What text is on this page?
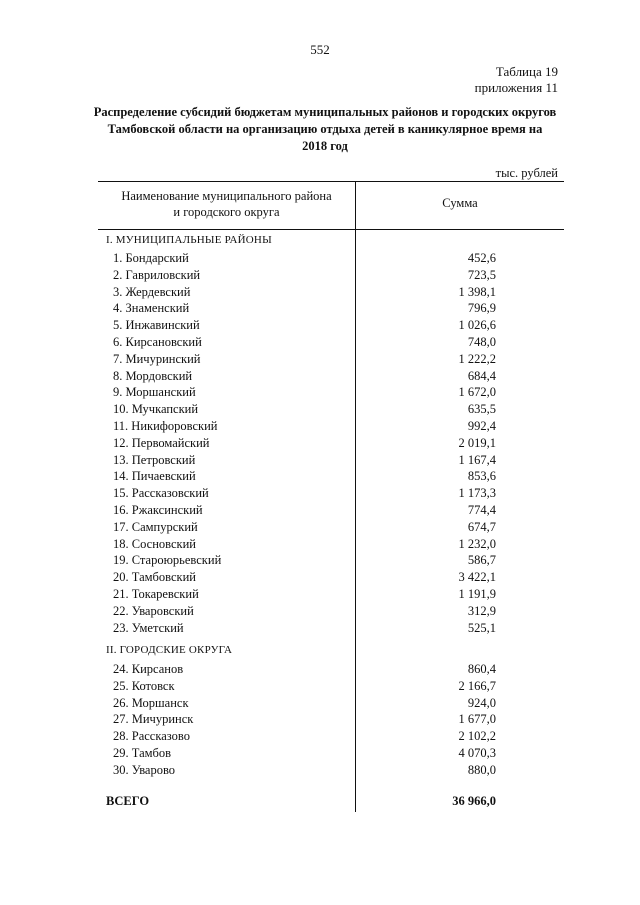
552
Таблица 19
приложения 11
Распределение субсидий бюджетам муниципальных районов и городских округов
Тамбовской области на организацию отдыха детей в каникулярное время на
2018 год
тыс. рублей
Наименование муниципального района
и городского округа
Сумма
I. МУНИЦИПАЛЬНЫЕ РАЙОНЫ
1. Бондарский	452,6
2. Гавриловский	723,5
3. Жердевский	1 398,1
4. Знаменский	796,9
5. Инжавинский	1 026,6
6. Кирсановский	748,0
7. Мичуринский	1 222,2
8. Мордовский	684,4
9. Моршанский	1 672,0
10. Мучкапский	635,5
11. Никифоровский	992,4
12. Первомайский	2 019,1
13. Петровский	1 167,4
14. Пичаевский	853,6
15. Рассказовский	1 173,3
16. Ржаксинский	774,4
17. Сампурский	674,7
18. Сосновский	1 232,0
19. Староюрьевский	586,7
20. Тамбовский	3 422,1
21. Токаревский	1 191,9
22. Уваровский	312,9
23. Уметский	525,1
II. ГОРОДСКИЕ ОКРУГА
24. Кирсанов	860,4
25. Котовск	2 166,7
26. Моршанск	924,0
27. Мичуринск	1 677,0
28. Рассказово	2 102,2
29. Тамбов	4 070,3
30. Уварово	880,0
ВСЕГО	36 966,0
